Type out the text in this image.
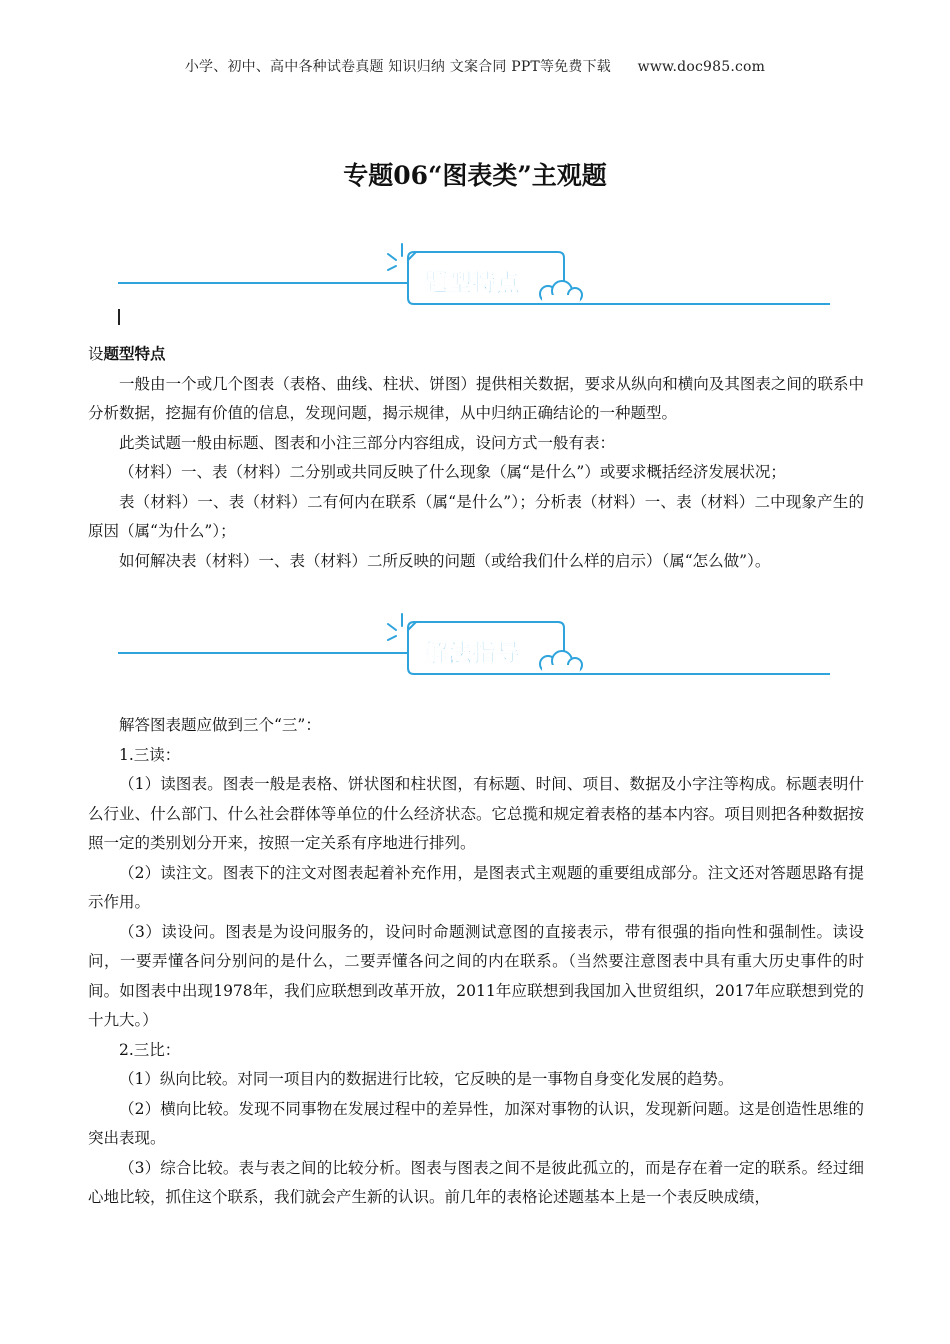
小学、初中、高中各种试卷真题 知识归纳 文案合同 PPT等免费下载 www.doc985.com
专题06“图表类”主观题
题型特点

设题型特点

一般由一个或几个图表（表格、曲线、柱状、饼图）提供相关数据，要求从纵向和横向及其图表之间的联系中分析数据，挖掘有价值的信息，发现问题，揭示规律，从中归纳正确结论的一种题型。

此类试题一般由标题、图表和小注三部分内容组成，设问方式一般有表：

（材料）一、表（材料）二分别或共同反映了什么现象（属“是什么”）或要求概括经济发展状况；

表（材料）一、表（材料）二有何内在联系（属“是什么”）；分析表（材料）一、表（材料）二中现象产生的原因（属“为什么”）；

如何解决表（材料）一、表（材料）二所反映的问题（或给我们什么样的启示）（属“怎么做”）。

解法指导

解答图表题应做到三个“三”：

1.三读：

（1）读图表。图表一般是表格、饼状图和柱状图，有标题、时间、项目、数据及小字注等构成。标题表明什么行业、什么部门、什么社会群体等单位的什么经济状态。它总揽和规定着表格的基本内容。项目则把各种数据按照一定的类别划分开来，按照一定关系有序地进行排列。

（2）读注文。图表下的注文对图表起着补充作用，是图表式主观题的重要组成部分。注文还对答题思路有提示作用。

（3）读设问。图表是为设问服务的，设问时命题测试意图的直接表示，带有很强的指向性和强制性。读设问，一要弄懂各问分别问的是什么，二要弄懂各问之间的内在联系。（当然要注意图表中具有重大历史事件的时间。如图表中出现1978年，我们应联想到改革开放，2011年应联想到我国加入世贸组织，2017年应联想到党的十九大。）

2.三比：

（1）纵向比较。对同一项目内的数据进行比较，它反映的是一事物自身变化发展的趋势。

（2）横向比较。发现不同事物在发展过程中的差异性，加深对事物的认识，发现新问题。这是创造性思维的突出表现。

（3）综合比较。表与表之间的比较分析。图表与图表之间不是彼此孤立的，而是存在着一定的联系。经过细心地比较，抓住这个联系，我们就会产生新的认识。前几年的表格论述题基本上是一个表反映成绩，
